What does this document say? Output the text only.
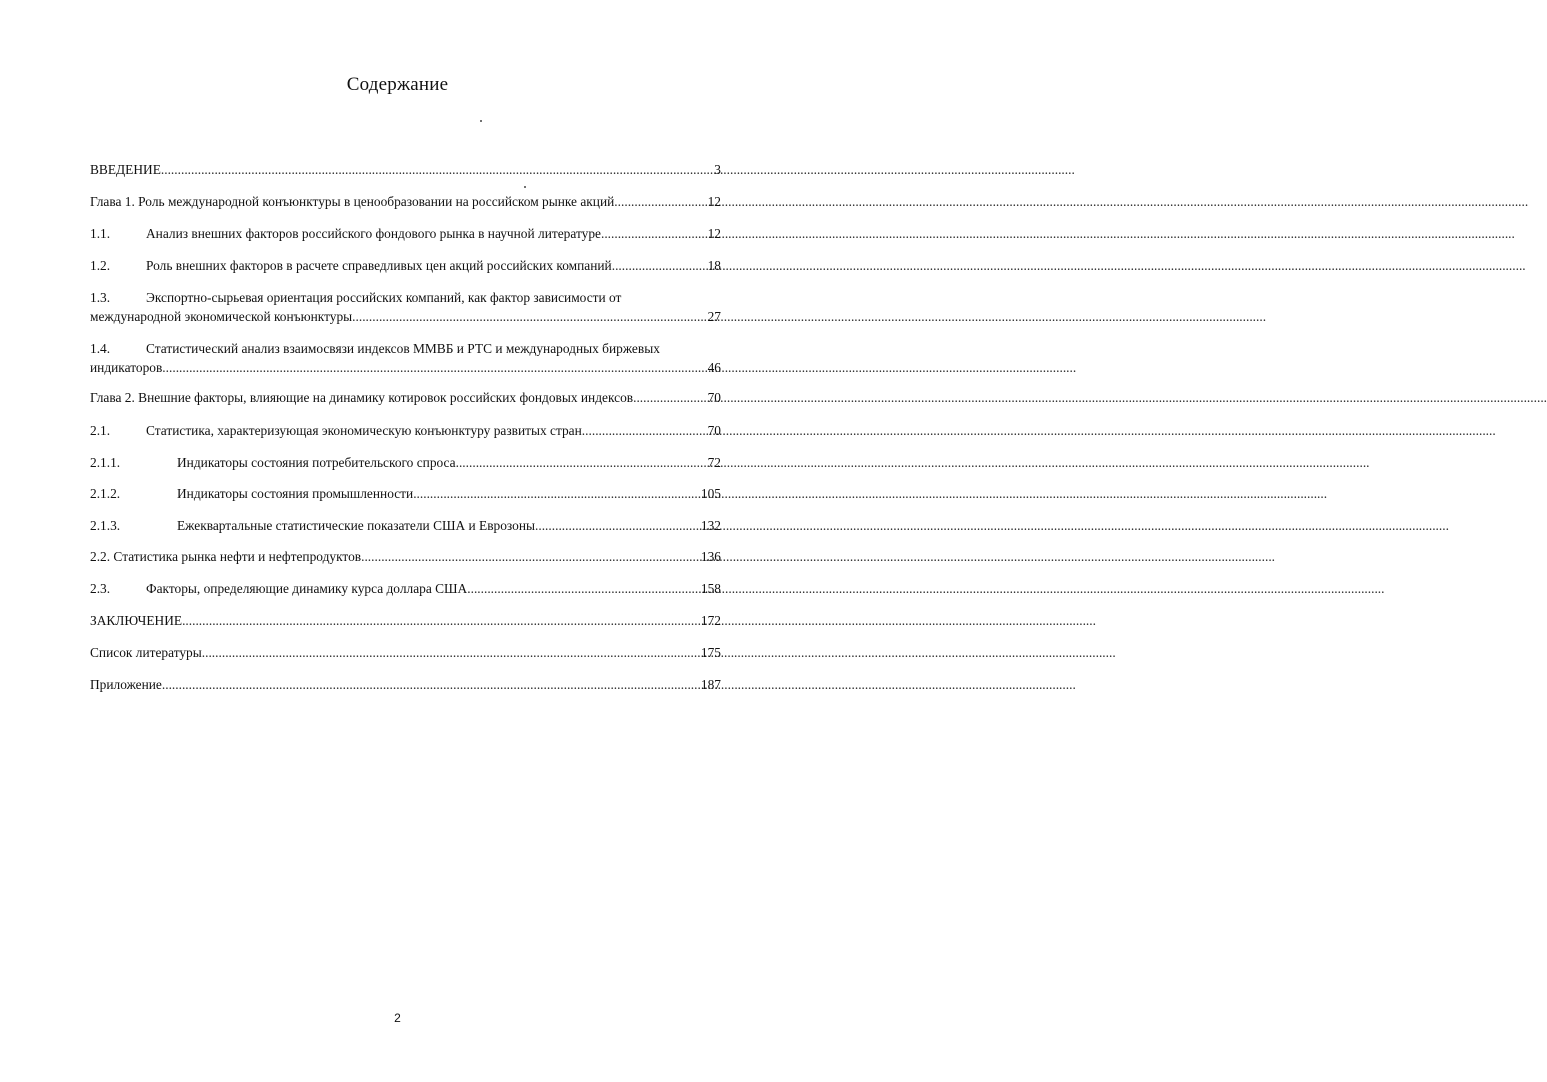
Содержание
ВВЕДЕНИЕ .....	3
Глава 1. Роль международной конъюнктуры в ценообразовании на российском рынке акций .....	12
1.1.	Анализ внешних факторов российского фондового рынка в научной литературе .....	12
1.2.	Роль внешних факторов в расчете справедливых цен акций российских компаний .....	18
1.3.	Экспортно-сырьевая ориентация российских компаний, как фактор зависимости от
международной экономической конъюнктуры .....	27
1.4.	Статистический анализ взаимосвязи индексов ММВБ и РТС и международных биржевых
индикаторов .....	46
Глава 2. Внешние факторы, влияющие на динамику котировок российских фондовых индексов .....	70
2.1.	Статистика, характеризующая экономическую конъюнктуру развитых стран .....	70
2.1.1.	Индикаторы состояния потребительского спроса .....	72
2.1.2.	Индикаторы состояния промышленности .....	105
2.1.3.	Ежеквартальные статистические показатели США и Еврозоны .....	132
2.2. Статистика рынка нефти и нефтепродуктов .....	136
2.3.	Факторы, определяющие динамику курса доллара США. .....	158
ЗАКЛЮЧЕНИЕ .....	172
Список литературы .....	175
Приложение .....	187
2
